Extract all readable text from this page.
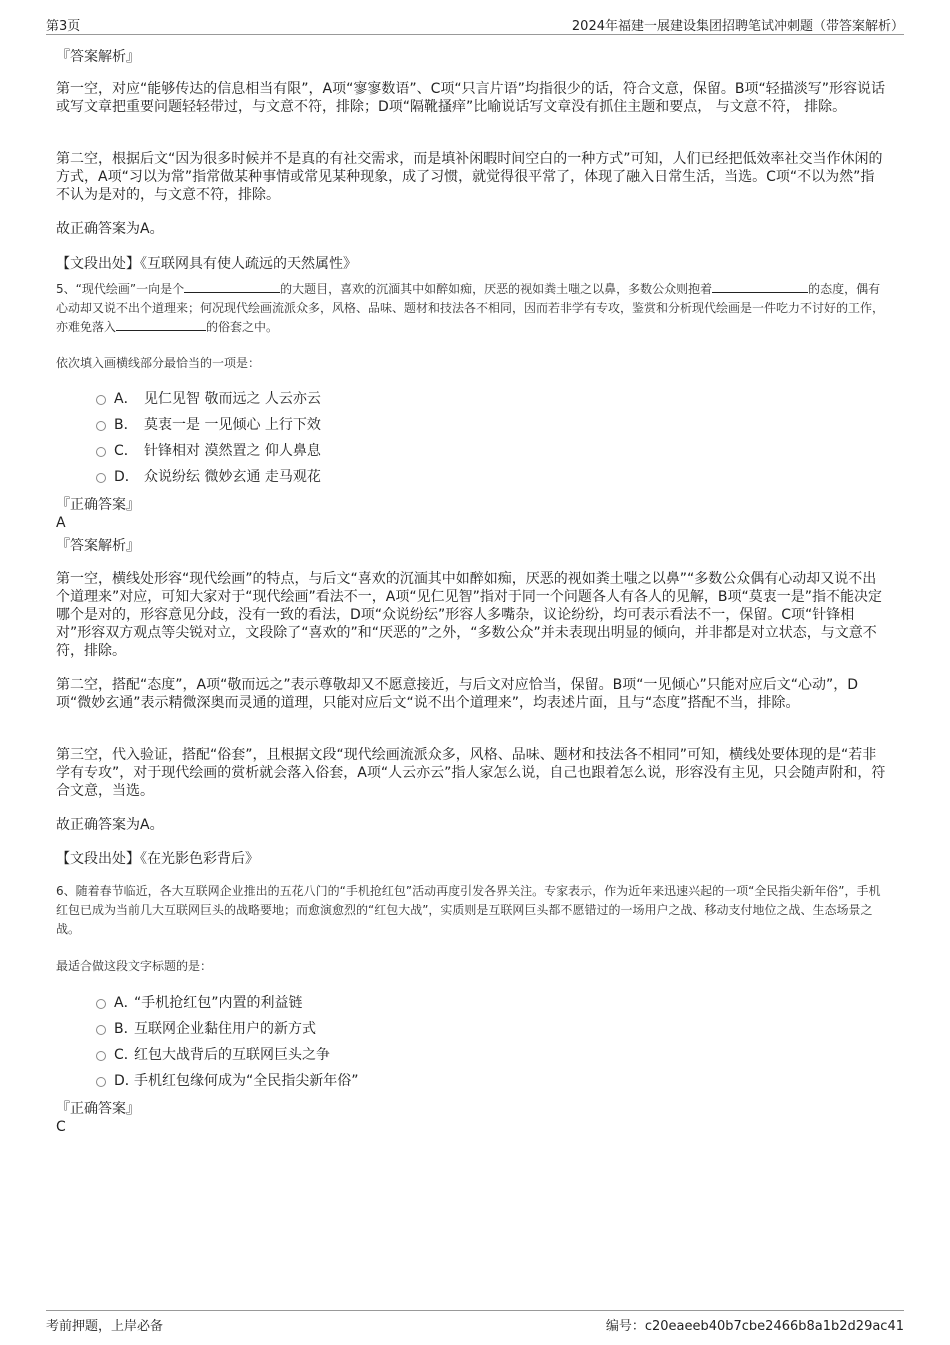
第3页	2024年福建一展建设集团招聘笔试冲刺题（带答案解析）
『答案解析』
第一空，对应“能够传达的信息相当有限”，A项“寥寥数语”、C项“只言片语”均指很少的话，符合文意，保留。B项“轻描淡写”形容说话或写文章把重要问题轻轻带过，与文意不符，排除；D项“隔靴搔痒”比喻说话写文章没有抓住主题和要点， 与文意不符， 排除。
第二空，根据后文“因为很多时候并不是真的有社交需求，而是填补闲暇时间空白的一种方式”可知，人们已经把低效率社交当作休闲的方式，A项“习以为常”指常做某种事情或常见某种现象，成了习惯，就觉得很平常了，体现了融入日常生活，当选。C项“不以为然”指不认为是对的，与文意不符，排除。
故正确答案为A。
【文段出处】《互联网具有使人疏远的天然属性》
5、“现代绘画”一向是个	的大题目，喜欢的沉湎其中如醉如痴，厌恶的视如粪土嗤之以鼻，多数公众则抱着	的态度，偶有心动却又说不出个道理来；何况现代绘画流派众多，风格、品味、题材和技法各不相同，因而若非学有专攻，鉴赏和分析现代绘画是一件吃力不讨好的工作，亦难免落入	的俗套之中。
依次填入画横线部分最恰当的一项是：
A． 见仁见智 敬而远之 人云亦云
B． 莫衷一是 一见倾心 上行下效
C． 针锋相对 漠然置之 仰人鼻息
D． 众说纷纭 微妙玄通 走马观花
『正确答案』
A
『答案解析』
第一空，横线处形容“现代绘画”的特点，与后文“喜欢的沉湎其中如醉如痴，厌恶的视如粪土嗤之以鼻”“多数公众偶有心动却又说不出个道理来”对应，可知大家对于“现代绘画”看法不一，A项“见仁见智”指对于同一个问题各人有各人的见解，B项“莫衷一是”指不能决定哪个是对的，形容意见分歧，没有一致的看法，D项“众说纷纭”形容人多嘴杂，议论纷纷，均可表示看法不一，保留。C项“针锋相对”形容双方观点等尖锐对立，文段除了“喜欢的”和“厌恶的”之外，“多数公众”并未表现出明显的倾向，并非都是对立状态，与文意不符，排除。
第二空，搭配“态度”，A项“敬而远之”表示尊敬却又不愿意接近，与后文对应恰当，保留。B项“一见倾心”只能对应后文“心动”，D项“微妙玄通”表示精微深奥而灵通的道理，只能对应后文“说不出个道理来”，均表述片面，且与“态度”搭配不当，排除。
第三空，代入验证，搭配“俗套”，且根据文段“现代绘画流派众多，风格、品味、题材和技法各不相同”可知，横线处要体现的是“若非学有专攻”，对于现代绘画的赏析就会落入俗套，A项“人云亦云”指人家怎么说，自己也跟着怎么说，形容没有主见，只会随声附和，符合文意，当选。
故正确答案为A。
【文段出处】《在光影色彩背后》
6、随着春节临近，各大互联网企业推出的五花八门的“手机抢红包”活动再度引发各界关注。专家表示，作为近年来迅速兴起的一项“全民指尖新年俗”，手机红包已成为当前几大互联网巨头的战略要地；而愈演愈烈的“红包大战”，实质则是互联网巨头都不愿错过的一场用户之战、移动支付地位之战、生态场景之战。
最适合做这段文字标题的是：
A．“手机抢红包”内置的利益链
B．互联网企业黏住用户的新方式
C．红包大战背后的互联网巨头之争
D．手机红包缘何成为“全民指尖新年俗”
『正确答案』
C
考前押题，上岸必备	编号：c20eaeeb40b7cbe2466b8a1b2d29ac41
